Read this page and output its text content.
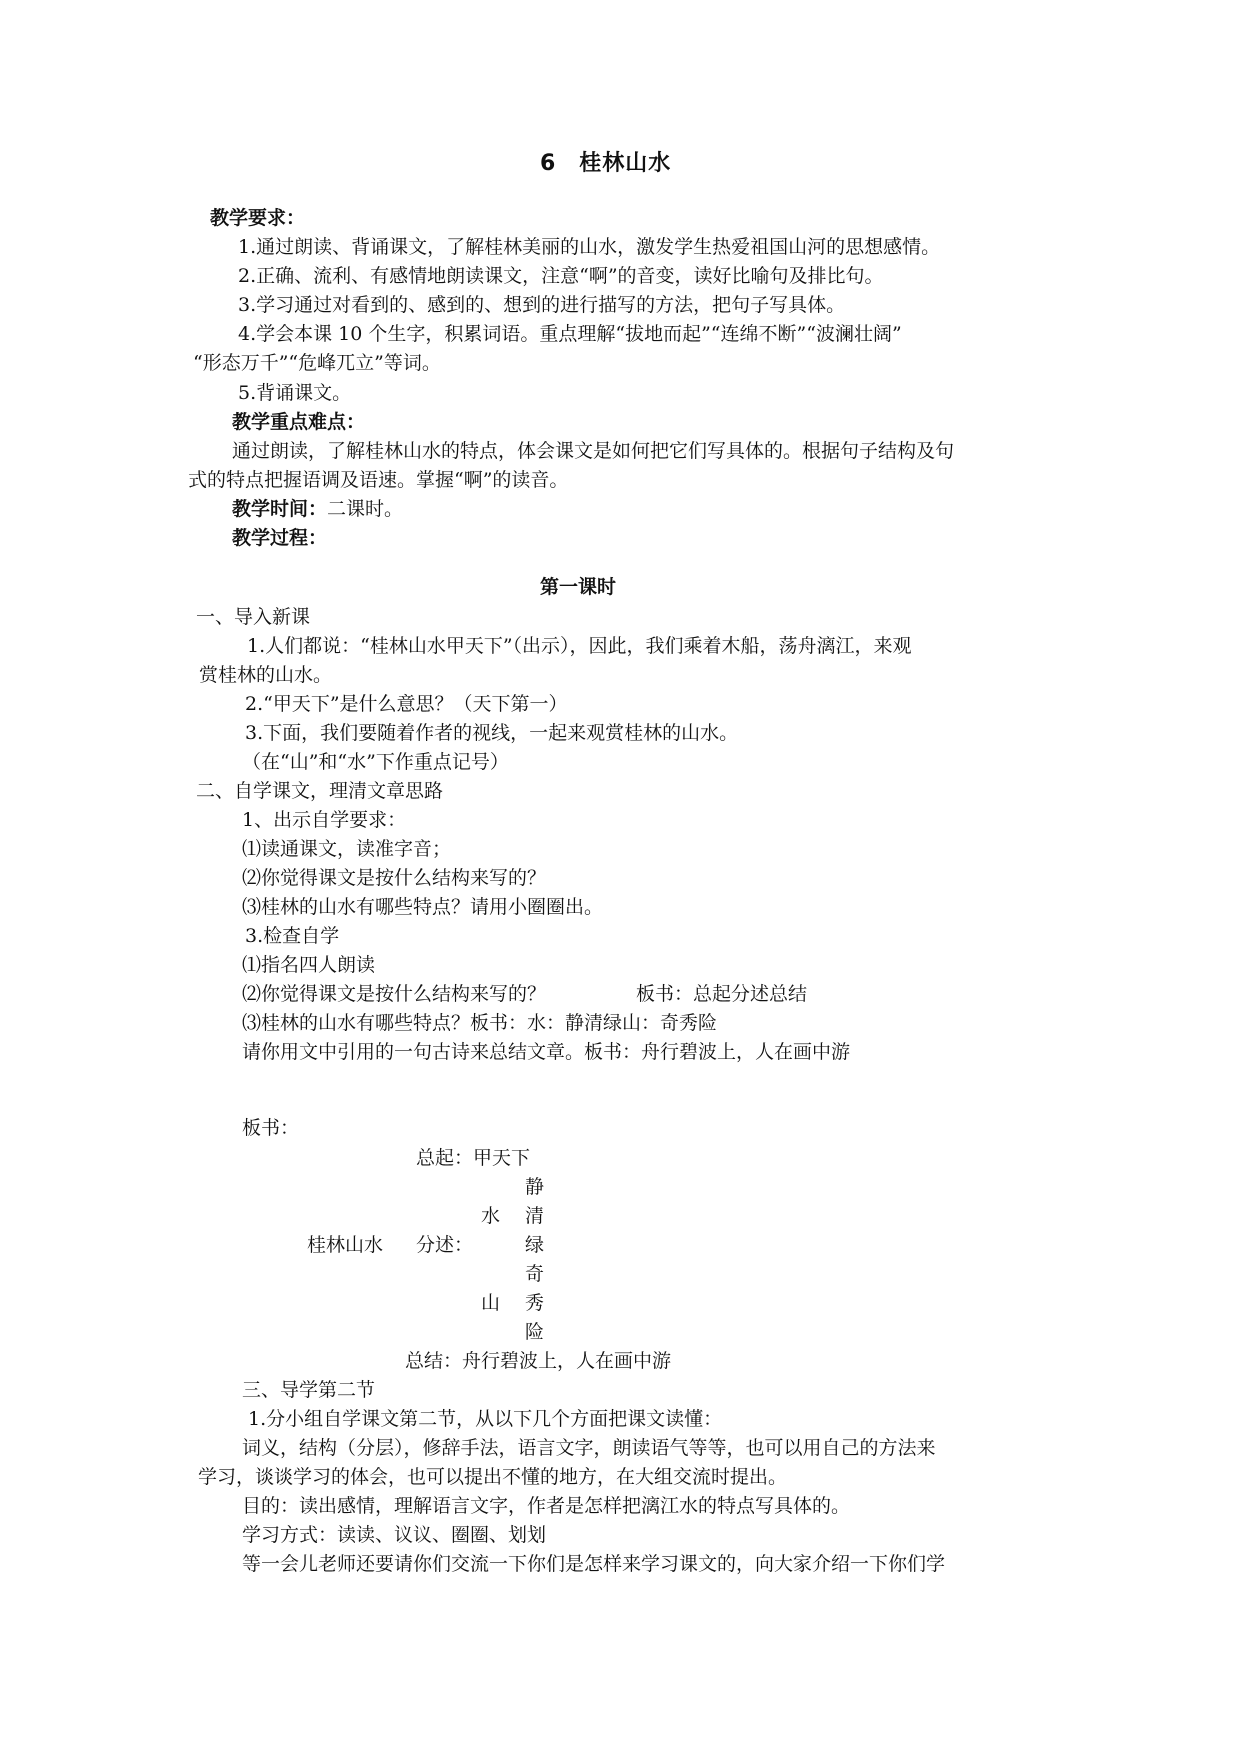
6　桂林山水
教学要求：
1.通过朗读、背诵课文，了解桂林美丽的山水，激发学生热爱祖国山河的思想感情。
2.正确、流利、有感情地朗读课文，注意“啊”的音变，读好比喻句及排比句。
3.学习通过对看到的、感到的、想到的进行描写的方法，把句子写具体。
4.学会本课 10 个生字，积累词语。重点理解“拔地而起”“连绵不断”“波澜壮阔”
“形态万千”“危峰兀立”等词。
5.背诵课文。
教学重点难点：
通过朗读，了解桂林山水的特点，体会课文是如何把它们写具体的。根据句子结构及句
式的特点把握语调及语速。掌握“啊”的读音。
教学时间：二课时。
教学过程：
第一课时
一、导入新课
1.人们都说：“桂林山水甲天下”（出示），因此，我们乘着木船，荡舟漓江，来观
赏桂林的山水。
2.“甲天下”是什么意思？（天下第一）
3.下面，我们要随着作者的视线，一起来观赏桂林的山水。
（在“山”和“水”下作重点记号）
二、自学课文，理清文章思路
1、出示自学要求：
⑴读通课文，读准字音；
⑵你觉得课文是按什么结构来写的？
⑶桂林的山水有哪些特点？请用小圈圈出。
3.检查自学
⑴指名四人朗读
⑵你觉得课文是按什么结构来写的？	板书：总起分述总结
⑶桂林的山水有哪些特点？板书：水：静清绿山：奇秀险
请你用文中引用的一句古诗来总结文章。板书：舟行碧波上，人在画中游
板书：
总起：甲天下
静
水 清
桂林山水 分述：	绿
奇
山 秀
险
总结：舟行碧波上，人在画中游
三、导学第二节
1.分小组自学课文第二节，从以下几个方面把课文读懂：
词义，结构（分层），修辞手法，语言文字，朗读语气等等，也可以用自己的方法来
学习，谈谈学习的体会，也可以提出不懂的地方，在大组交流时提出。
目的：读出感情，理解语言文字，作者是怎样把漓江水的特点写具体的。
学习方式：读读、议议、圈圈、划划
等一会儿老师还要请你们交流一下你们是怎样来学习课文的，向大家介绍一下你们学
